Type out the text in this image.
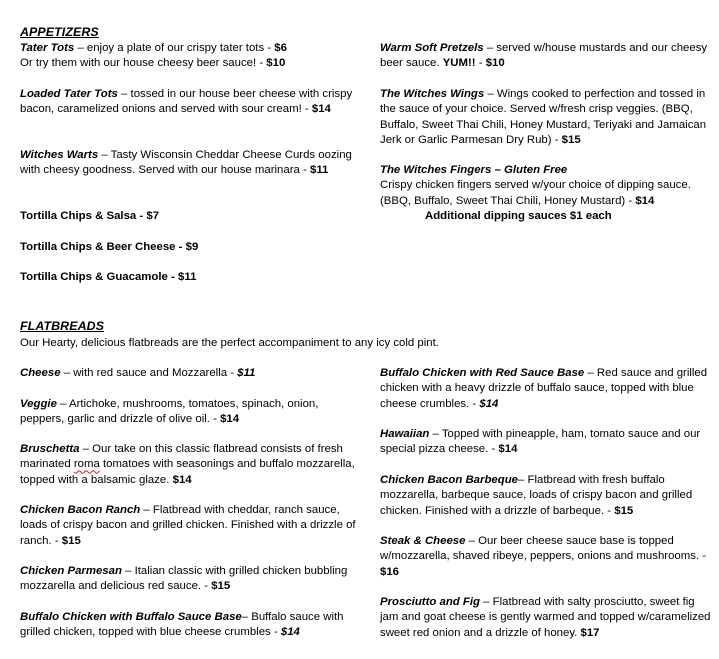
APPETIZERS
Tater Tots – enjoy a plate of our crispy tater tots - $6
Or try them with our house cheesy beer sauce! - $10
Loaded Tater Tots – tossed in our house beer cheese with crispy bacon, caramelized onions and served with sour cream! - $14
Witches Warts – Tasty Wisconsin Cheddar Cheese Curds oozing with cheesy goodness. Served with our house marinara - $11
Tortilla Chips & Salsa - $7
Tortilla Chips & Beer Cheese - $9
Tortilla Chips & Guacamole - $11
Warm Soft Pretzels – served w/house mustards and our cheesy beer sauce. YUM!! - $10
The Witches Wings – Wings cooked to perfection and tossed in the sauce of your choice. Served w/fresh crisp veggies. (BBQ, Buffalo, Sweet Thai Chili, Honey Mustard, Teriyaki and Jamaican Jerk or Garlic Parmesan Dry Rub) - $15
The Witches Fingers – Gluten Free
Crispy chicken fingers served w/your choice of dipping sauce. (BBQ, Buffalo, Sweet Thai Chili, Honey Mustard) - $14
Additional dipping sauces $1 each
FLATBREADS
Our Hearty, delicious flatbreads are the perfect accompaniment to any icy cold pint.
Cheese – with red sauce and Mozzarella - $11
Veggie – Artichoke, mushrooms, tomatoes, spinach, onion, peppers, garlic and drizzle of olive oil. - $14
Bruschetta – Our take on this classic flatbread consists of fresh marinated roma tomatoes with seasonings and buffalo mozzarella, topped with a balsamic glaze. $14
Chicken Bacon Ranch – Flatbread with cheddar, ranch sauce, loads of crispy bacon and grilled chicken. Finished with a drizzle of ranch. - $15
Chicken Parmesan – Italian classic with grilled chicken bubbling mozzarella and delicious red sauce. - $15
Buffalo Chicken with Buffalo Sauce Base– Buffalo sauce with grilled chicken, topped with blue cheese crumbles - $14
Buffalo Chicken with Red Sauce Base – Red sauce and grilled chicken with a heavy drizzle of buffalo sauce, topped with blue cheese crumbles. - $14
Hawaiian – Topped with pineapple, ham, tomato sauce and our special pizza cheese. - $14
Chicken Bacon Barbeque– Flatbread with fresh buffalo mozzarella, barbeque sauce, loads of crispy bacon and grilled chicken. Finished with a drizzle of barbeque. - $15
Steak & Cheese – Our beer cheese sauce base is topped w/mozzarella, shaved ribeye, peppers, onions and mushrooms. - $16
Prosciutto and Fig – Flatbread with salty prosciutto, sweet fig jam and goat cheese is gently warmed and topped w/caramelized sweet red onion and a drizzle of honey. $17
